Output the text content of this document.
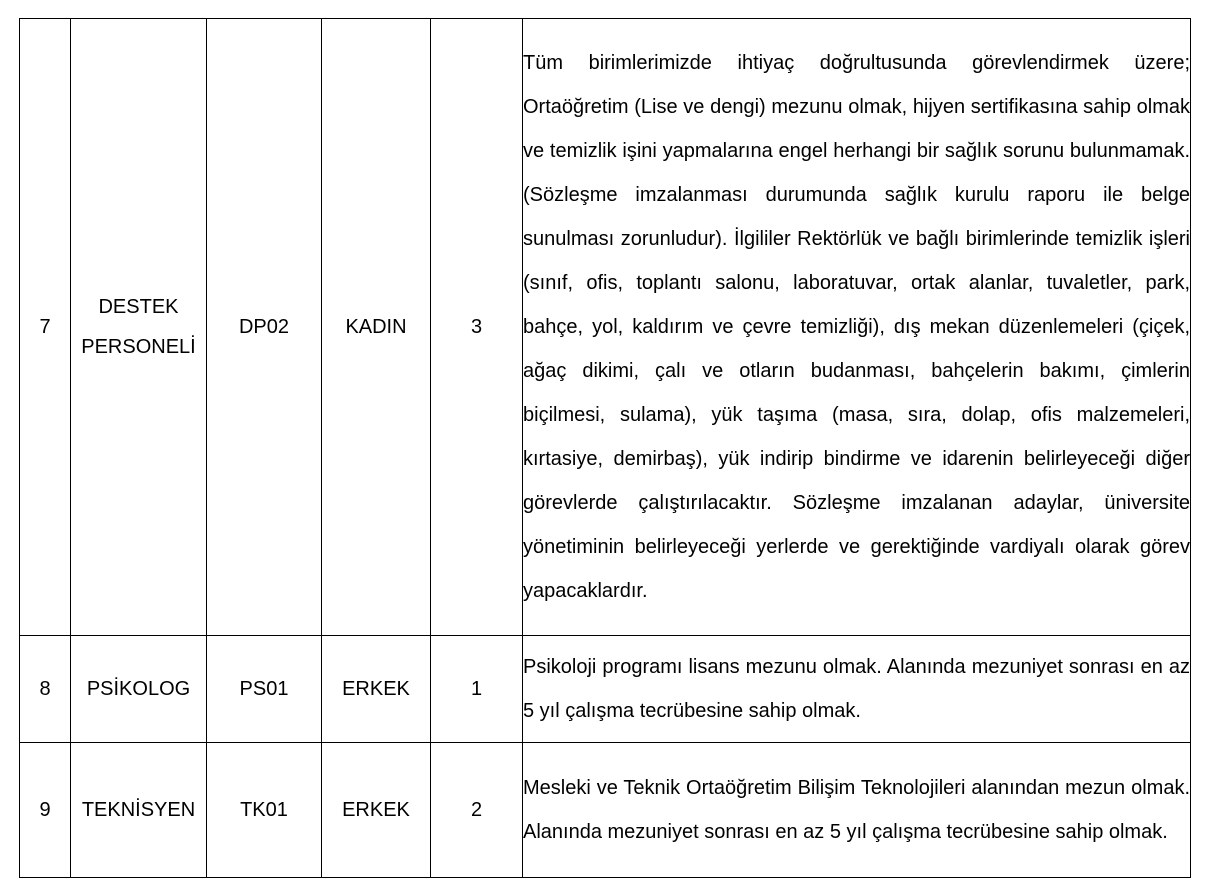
7	DESTEK PERSONELİ	DP02	KADIN	3	Tüm birimlerimizde ihtiyaç doğrultusunda görevlendirmek üzere; Ortaöğretim (Lise ve dengi) mezunu olmak, hijyen sertifikasına sahip olmak ve temizlik işini yapmalarına engel herhangi bir sağlık sorunu bulunmamak. (Sözleşme imzalanması durumunda sağlık kurulu raporu ile belge sunulması zorunludur). İlgililer Rektörlük ve bağlı birimlerinde temizlik işleri (sınıf, ofis, toplantı salonu, laboratuvar, ortak alanlar, tuvaletler, park, bahçe, yol, kaldırım ve çevre temizliği), dış mekan düzenlemeleri (çiçek, ağaç dikimi, çalı ve otların budanması, bahçelerin bakımı, çimlerin biçilmesi, sulama), yük taşıma (masa, sıra, dolap, ofis malzemeleri, kırtasiye, demirbaş), yük indirip bindirme ve idarenin belirleyeceği diğer görevlerde çalıştırılacaktır. Sözleşme imzalanan adaylar, üniversite yönetiminin belirleyeceği yerlerde ve gerektiğinde vardiyalı olarak görev yapacaklardır.
8	PSİKOLOG	PS01	ERKEK	1	Psikoloji programı lisans mezunu olmak. Alanında mezuniyet sonrası en az 5 yıl çalışma tecrübesine sahip olmak.
9	TEKNİSYEN	TK01	ERKEK	2	Mesleki ve Teknik Ortaöğretim Bilişim Teknolojileri alanından mezun olmak. Alanında mezuniyet sonrası en az 5 yıl çalışma tecrübesine sahip olmak.
